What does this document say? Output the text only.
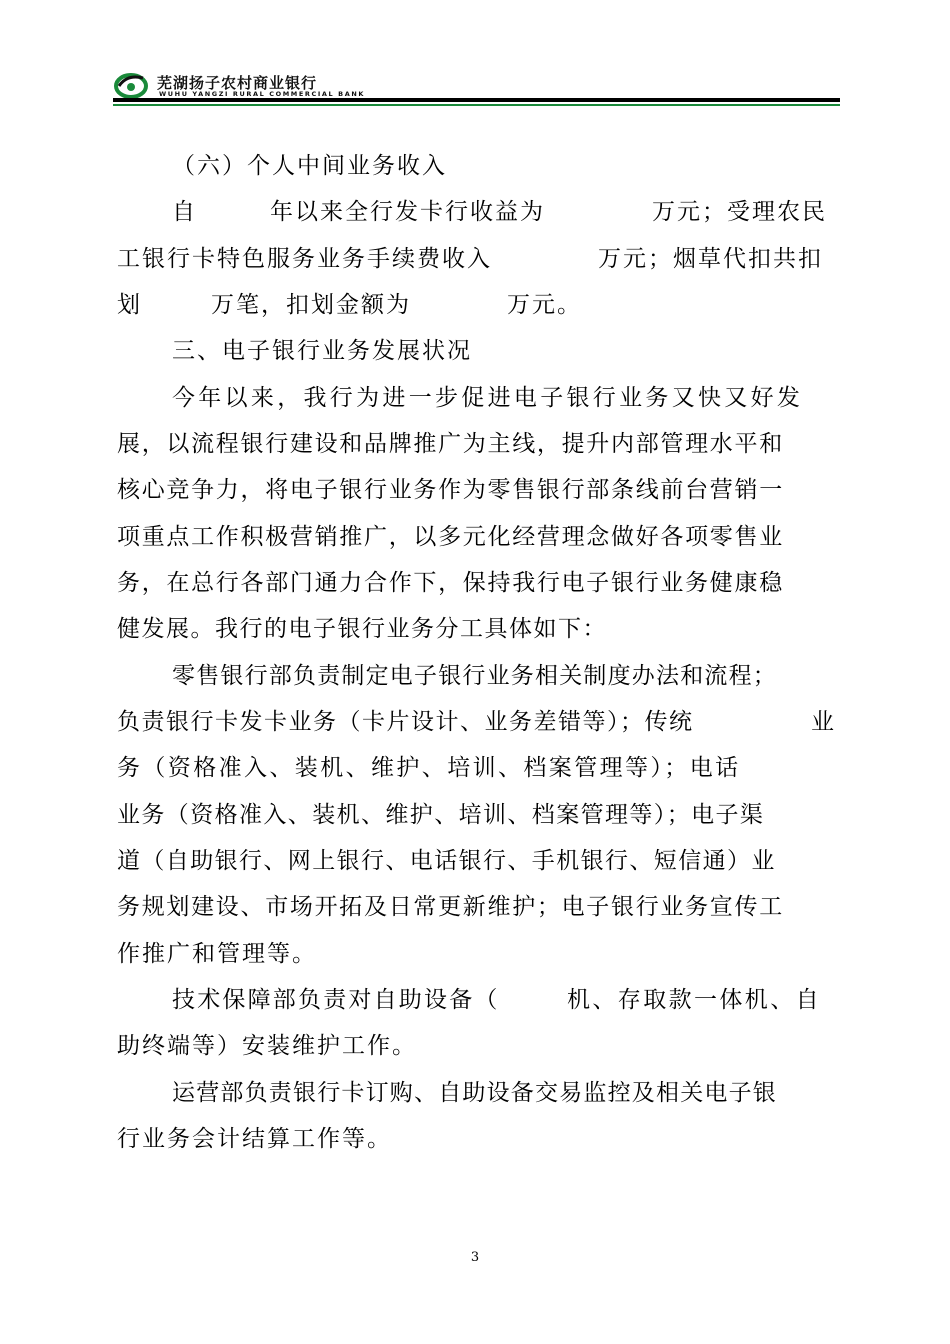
芜湖扬子农村商业银行
WUHU YANGZI RURAL COMMERCIAL BANK
（六）个人中间业务收入
自	年以来全行发卡行收益为	万元；受理农民
工银行卡特色服务业务手续费收入	万元；烟草代扣共扣
划	万笔，扣划金额为	万元。
三、电子银行业务发展状况
今年以来，我行为进一步促进电子银行业务又快又好发
展，以流程银行建设和品牌推广为主线，提升内部管理水平和
核心竞争力，将电子银行业务作为零售银行部条线前台营销一
项重点工作积极营销推广，以多元化经营理念做好各项零售业
务，在总行各部门通力合作下，保持我行电子银行业务健康稳
健发展。我行的电子银行业务分工具体如下：
零售银行部负责制定电子银行业务相关制度办法和流程；
负责银行卡发卡业务（卡片设计、业务差错等）；传统	业
务（资格准入、装机、维护、培训、档案管理等）；电话
业务（资格准入、装机、维护、培训、档案管理等）；电子渠
道（自助银行、网上银行、电话银行、手机银行、短信通）业
务规划建设、市场开拓及日常更新维护；电子银行业务宣传工
作推广和管理等。
技术保障部负责对自助设备（	机、存取款一体机、自
助终端等）安装维护工作。
运营部负责银行卡订购、自助设备交易监控及相关电子银
行业务会计结算工作等。
3
